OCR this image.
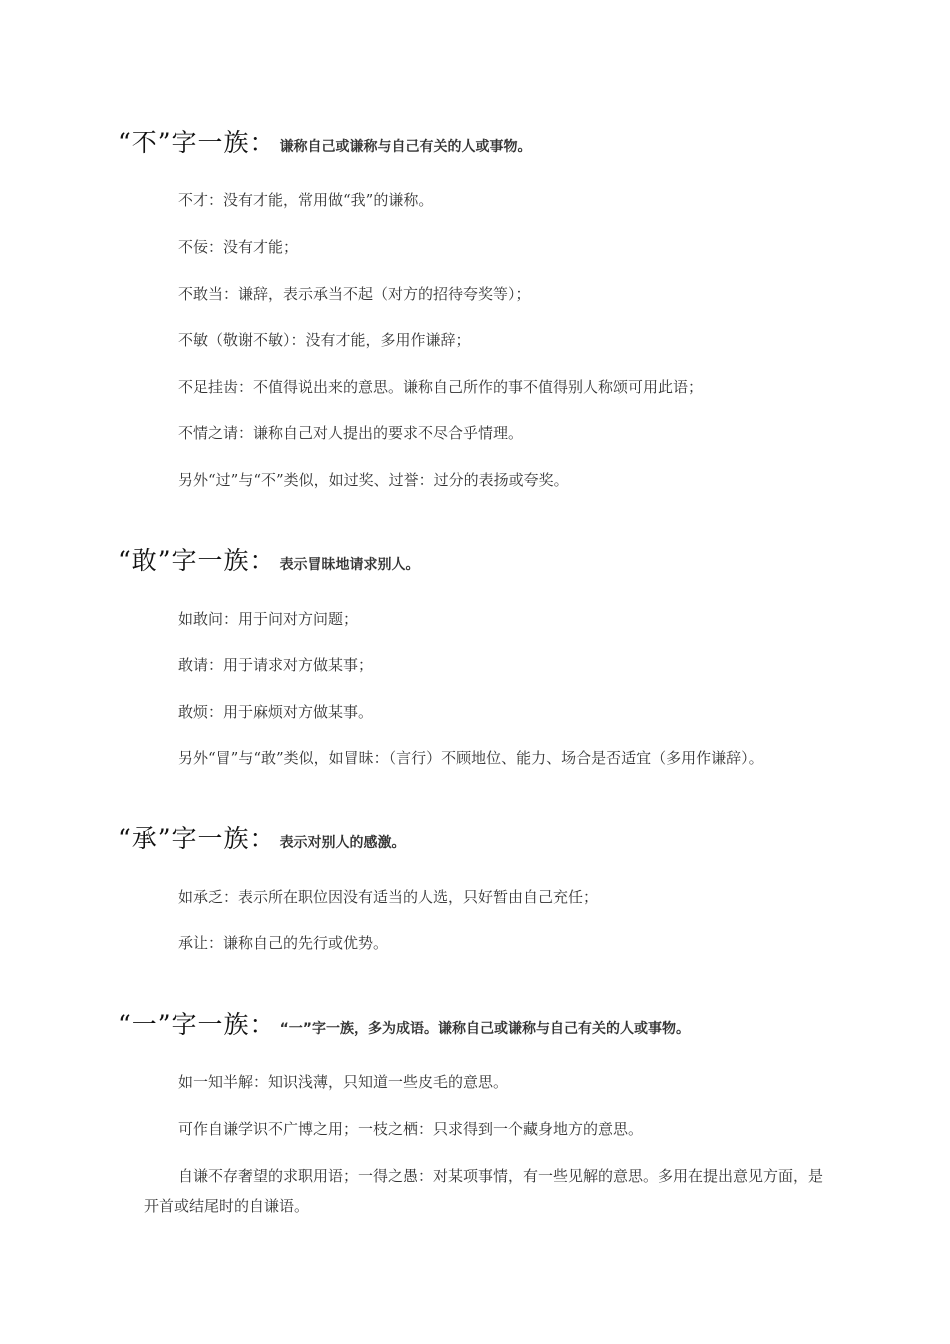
“不”字一族： 谦称自己或谦称与自己有关的人或事物。
不才：没有才能，常用做“我”的谦称。
不佞：没有才能；
不敢当：谦辞，表示承当不起（对方的招待夸奖等）；
不敏（敬谢不敏）：没有才能，多用作谦辞；
不足挂齿：不值得说出来的意思。谦称自己所作的事不值得别人称颂可用此语；
不情之请：谦称自己对人提出的要求不尽合乎情理。
另外“过”与“不”类似，如过奖、过誉：过分的表扬或夸奖。
“敢”字一族： 表示冒昧地请求别人。
如敢问：用于问对方问题；
敢请：用于请求对方做某事；
敢烦：用于麻烦对方做某事。
另外“冒”与“敢”类似，如冒昧：（言行）不顾地位、能力、场合是否适宜（多用作谦辞）。
“承”字一族： 表示对别人的感激。
如承乏：表示所在职位因没有适当的人选，只好暂由自己充任；
承让：谦称自己的先行或优势。
“一”字一族： “一”字一族，多为成语。谦称自己或谦称与自己有关的人或事物。
如一知半解：知识浅薄，只知道一些皮毛的意思。
可作自谦学识不广博之用；一枝之栖：只求得到一个藏身地方的意思。
自谦不存奢望的求职用语；一得之愚：对某项事情，有一些见解的意思。多用在提出意见方面，是开首或结尾时的自谦语。
